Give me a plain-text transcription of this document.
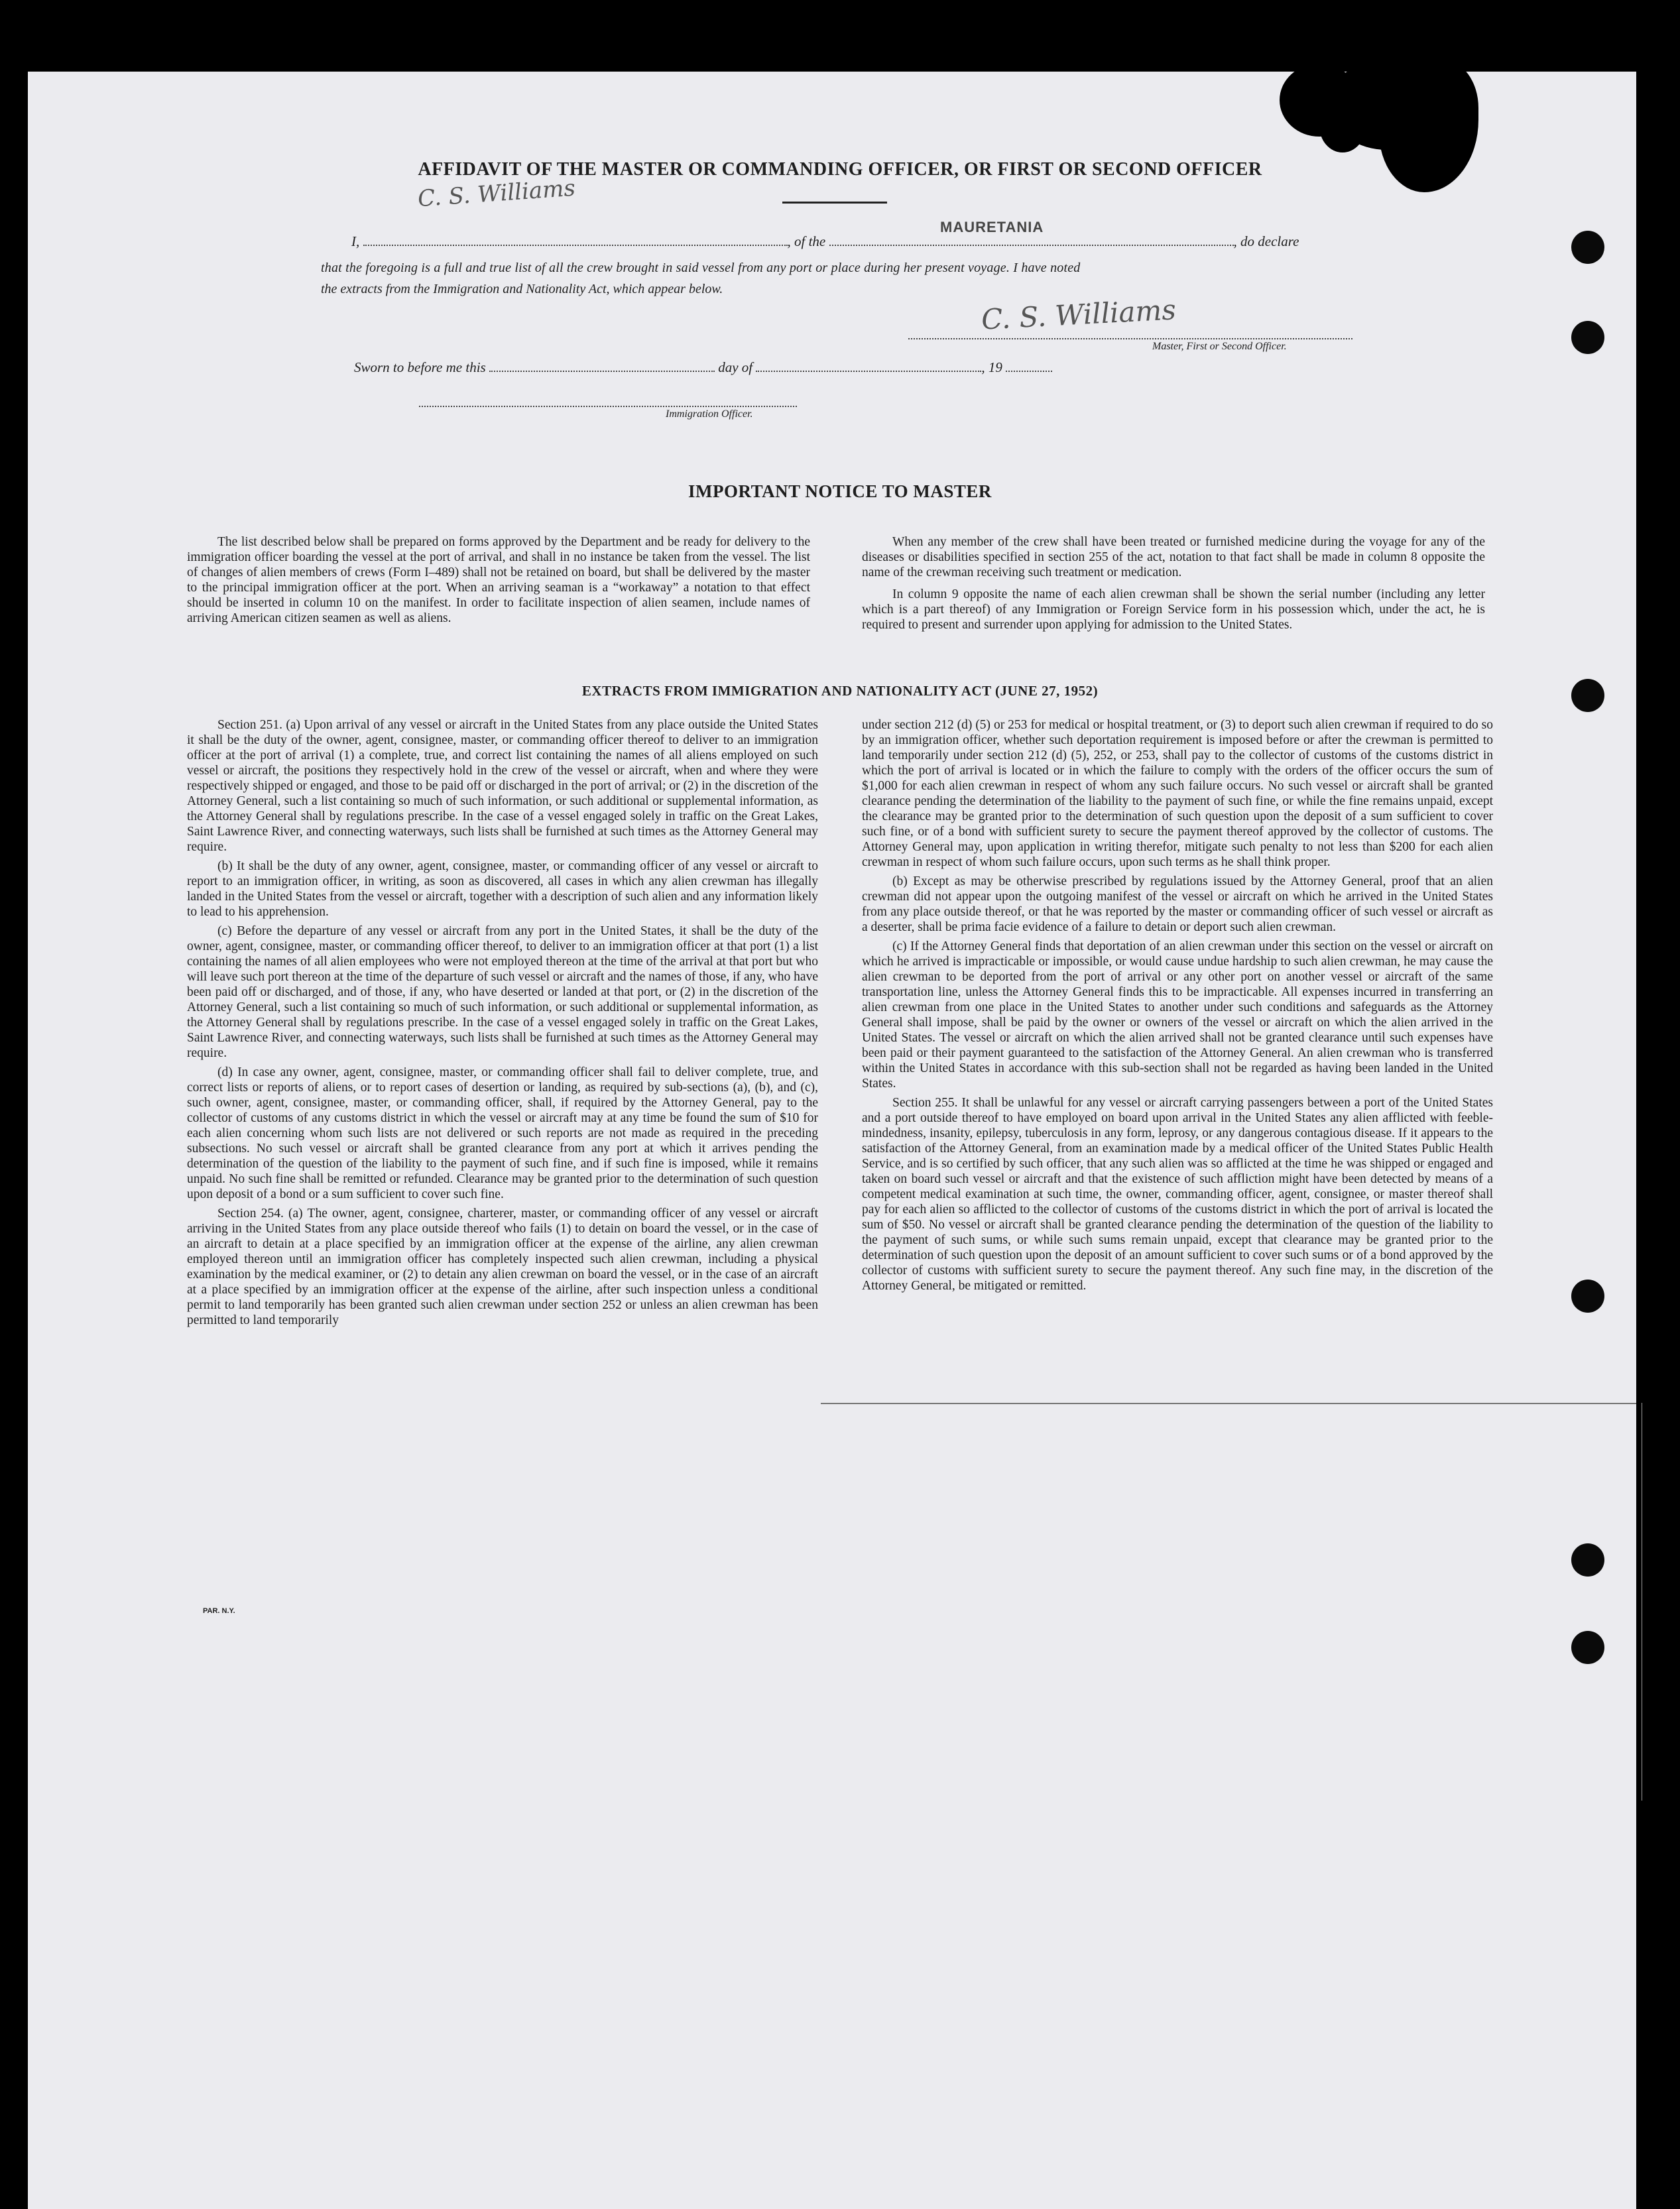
AFFIDAVIT OF THE MASTER OR COMMANDING OFFICER, OR FIRST OR SECOND OFFICER
C. S. Williams
MAURETANIA
I,	, of the	, do declare
that the foregoing is a full and true list of all the crew brought in said vessel from any port or place during her present voyage. I have noted
the extracts from the Immigration and Nationality Act, which appear below.
C. S. Williams
Master, First or Second Officer.
Sworn to before me this	day of	, 19
Immigration Officer.
IMPORTANT NOTICE TO MASTER

The list described below shall be prepared on forms approved by the Department and be ready for delivery to the immigration officer boarding the vessel at the port of arrival, and shall in no instance be taken from the vessel. The list of changes of alien members of crews (Form I–489) shall not be retained on board, but shall be delivered by the master to the principal immigration officer at the port. When an arriving seaman is a “workaway” a notation to that effect should be inserted in column 10 on the manifest. In order to facilitate inspection of alien seamen, include names of arriving American citizen seamen as well as aliens.

When any member of the crew shall have been treated or furnished medicine during the voyage for any of the diseases or disabilities specified in section 255 of the act, notation to that fact shall be made in column 8 opposite the name of the crewman receiving such treatment or medication.

In column 9 opposite the name of each alien crewman shall be shown the serial number (including any letter which is a part thereof) of any Immigration or Foreign Service form in his possession which, under the act, he is required to present and surrender upon applying for admission to the United States.

EXTRACTS FROM IMMIGRATION AND NATIONALITY ACT (JUNE 27, 1952)

Section 251. (a) Upon arrival of any vessel or aircraft in the United States from any place outside the United States it shall be the duty of the owner, agent, consignee, master, or commanding officer thereof to deliver to an immigration officer at the port of arrival (1) a complete, true, and correct list containing the names of all aliens employed on such vessel or aircraft, the positions they respectively hold in the crew of the vessel or aircraft, when and where they were respectively shipped or engaged, and those to be paid off or discharged in the port of arrival; or (2) in the discretion of the Attorney General, such a list containing so much of such information, or such additional or supplemental information, as the Attorney General shall by regulations prescribe. In the case of a vessel engaged solely in traffic on the Great Lakes, Saint Lawrence River, and connecting waterways, such lists shall be furnished at such times as the Attorney General may require.

(b) It shall be the duty of any owner, agent, consignee, master, or commanding officer of any vessel or aircraft to report to an immigration officer, in writing, as soon as discovered, all cases in which any alien crewman has illegally landed in the United States from the vessel or aircraft, together with a description of such alien and any information likely to lead to his apprehension.

(c) Before the departure of any vessel or aircraft from any port in the United States, it shall be the duty of the owner, agent, consignee, master, or commanding officer thereof, to deliver to an immigration officer at that port (1) a list containing the names of all alien employees who were not employed thereon at the time of the arrival at that port but who will leave such port thereon at the time of the departure of such vessel or aircraft and the names of those, if any, who have been paid off or discharged, and of those, if any, who have deserted or landed at that port, or (2) in the discretion of the Attorney General, such a list containing so much of such information, or such additional or supplemental information, as the Attorney General shall by regulations prescribe. In the case of a vessel engaged solely in traffic on the Great Lakes, Saint Lawrence River, and connecting waterways, such lists shall be furnished at such times as the Attorney General may require.

(d) In case any owner, agent, consignee, master, or commanding officer shall fail to deliver complete, true, and correct lists or reports of aliens, or to report cases of desertion or landing, as required by sub-sections (a), (b), and (c), such owner, agent, consignee, master, or commanding officer, shall, if required by the Attorney General, pay to the collector of customs of any customs district in which the vessel or aircraft may at any time be found the sum of $10 for each alien concerning whom such lists are not delivered or such reports are not made as required in the preceding subsections. No such vessel or aircraft shall be granted clearance from any port at which it arrives pending the determination of the question of the liability to the payment of such fine, and if such fine is imposed, while it remains unpaid. No such fine shall be remitted or refunded. Clearance may be granted prior to the determination of such question upon deposit of a bond or a sum sufficient to cover such fine.

Section 254. (a) The owner, agent, consignee, charterer, master, or commanding officer of any vessel or aircraft arriving in the United States from any place outside thereof who fails (1) to detain on board the vessel, or in the case of an aircraft to detain at a place specified by an immigration officer at the expense of the airline, any alien crewman employed thereon until an immigration officer has completely inspected such alien crewman, including a physical examination by the medical examiner, or (2) to detain any alien crewman on board the vessel, or in the case of an aircraft at a place specified by an immigration officer at the expense of the airline, after such inspection unless a conditional permit to land temporarily has been granted such alien crewman under section 252 or unless an alien crewman has been permitted to land temporarily

under section 212 (d) (5) or 253 for medical or hospital treatment, or (3) to deport such alien crewman if required to do so by an immigration officer, whether such deportation requirement is imposed before or after the crewman is permitted to land temporarily under section 212 (d) (5), 252, or 253, shall pay to the collector of customs of the customs district in which the port of arrival is located or in which the failure to comply with the orders of the officer occurs the sum of $1,000 for each alien crewman in respect of whom any such failure occurs. No such vessel or aircraft shall be granted clearance pending the determination of the liability to the payment of such fine, or while the fine remains unpaid, except the clearance may be granted prior to the determination of such question upon the deposit of a sum sufficient to cover such fine, or of a bond with sufficient surety to secure the payment thereof approved by the collector of customs. The Attorney General may, upon application in writing therefor, mitigate such penalty to not less than $200 for each alien crewman in respect of whom such failure occurs, upon such terms as he shall think proper.

(b) Except as may be otherwise prescribed by regulations issued by the Attorney General, proof that an alien crewman did not appear upon the outgoing manifest of the vessel or aircraft on which he arrived in the United States from any place outside thereof, or that he was reported by the master or commanding officer of such vessel or aircraft as a deserter, shall be prima facie evidence of a failure to detain or deport such alien crewman.

(c) If the Attorney General finds that deportation of an alien crewman under this section on the vessel or aircraft on which he arrived is impracticable or impossible, or would cause undue hardship to such alien crewman, he may cause the alien crewman to be deported from the port of arrival or any other port on another vessel or aircraft of the same transportation line, unless the Attorney General finds this to be impracticable. All expenses incurred in transferring an alien crewman from one place in the United States to another under such conditions and safeguards as the Attorney General shall impose, shall be paid by the owner or owners of the vessel or aircraft on which the alien arrived in the United States. The vessel or aircraft on which the alien arrived shall not be granted clearance until such expenses have been paid or their payment guaranteed to the satisfaction of the Attorney General. An alien crewman who is transferred within the United States in accordance with this sub-section shall not be regarded as having been landed in the United States.

Section 255. It shall be unlawful for any vessel or aircraft carrying passengers between a port of the United States and a port outside thereof to have employed on board upon arrival in the United States any alien afflicted with feeble-mindedness, insanity, epilepsy, tuberculosis in any form, leprosy, or any dangerous contagious disease. If it appears to the satisfaction of the Attorney General, from an examination made by a medical officer of the United States Public Health Service, and is so certified by such officer, that any such alien was so afflicted at the time he was shipped or engaged and taken on board such vessel or aircraft and that the existence of such affliction might have been detected by means of a competent medical examination at such time, the owner, commanding officer, agent, consignee, or master thereof shall pay for each alien so afflicted to the collector of customs of the customs district in which the port of arrival is located the sum of $50. No vessel or aircraft shall be granted clearance pending the determination of the question of the liability to the payment of such sums, or while such sums remain unpaid, except that clearance may be granted prior to the determination of such question upon the deposit of an amount sufficient to cover such sums or of a bond approved by the collector of customs with sufficient surety to secure the payment thereof. Any such fine may, in the discretion of the Attorney General, be mitigated or remitted.

PAR. N.Y.
